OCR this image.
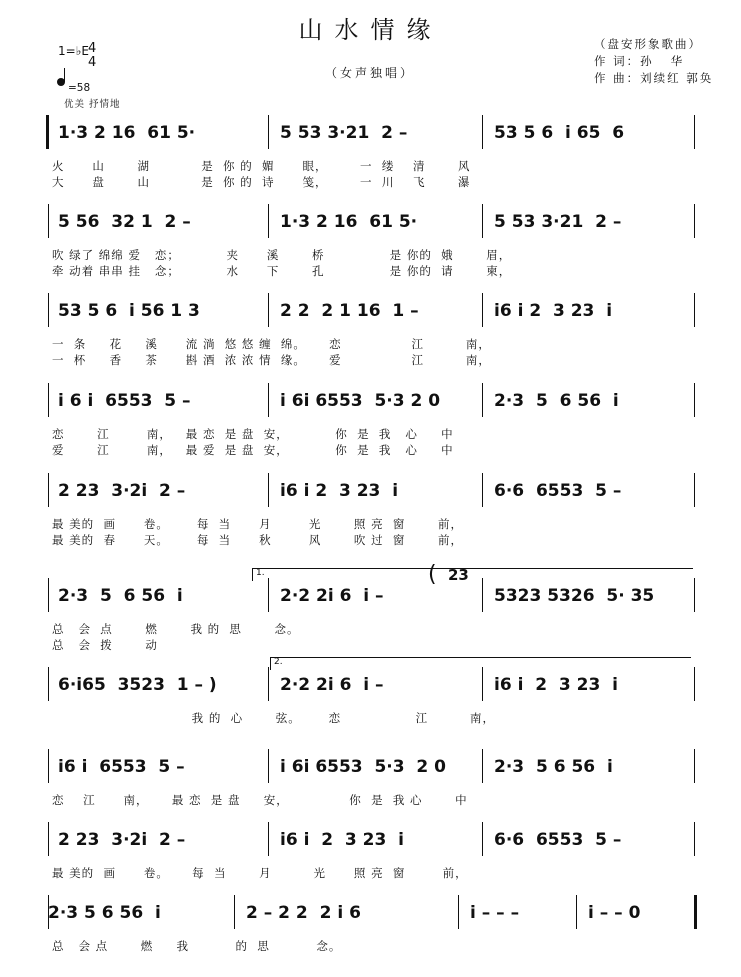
山水情缘
（女声独唱）
（盘安形象歌曲）
作 词：孙   华
作 曲：刘续红 郭奂
1=♭E 4
4
=58
优美 抒情地
1·3 2 16  61 5·	5 53 3·21  2 –	53 5 6  i 65  6
火      山       湖           是  你 的  媚      眼，       一  缕    清       风
大      盘       山           是  你 的  诗      笺，       一  川    飞       瀑
5 56  32 1  2 –	1·3 2 16  61 5·	5 53 3·21  2 –
吹 绿了 绵绵 爱   恋；          夹      溪       桥              是 你的  娥       眉，
牵 动着 串串 挂   念；          水      下       孔              是 你的  请       柬，
53 5 6  i 56 1 3	2 2  2 1 16  1 –	i6 i 2  3 23  i
一  条     花     溪      流 淌  悠 悠 缠  绵。     恋               江         南，
一  杯     香     茶      斟 酒  浓 浓 情  缘。     爱               江         南，
i 6 i  6553  5 –	i 6i 6553  5·3 2 0	2·3  5  6 56  i
恋       江        南，   最 恋  是 盘  安，          你  是  我   心     中
爱       江        南，   最 爱  是 盘  安，          你  是  我   心     中
2 23  3·2i  2 –	i6 i 2  3 23  i	6·6  6553  5 –
最 美的  画      卷。      每  当      月        光       照 亮  窗       前，
最 美的  春      天。      每  当      秋        风       吹 过  窗       前，
2·3  5  6 56  i	2·2 2i 6  i –	5323 5326  5· 35
总   会  点       燃       我 的  思       念。
总   会  拨       动
6·i65  3523  1 – )	2·2 2i 6  i –	i6 i  2  3 23  i
我 的  心       弦。      恋                江         南，
i6 i  6553  5 –	i 6i 6553  5·3  2 0	2·3  5 6 56  i
恋    江      南，     最 恋  是 盘     安，             你  是  我 心       中
2 23  3·2i  2 –	i6 i  2  3 23  i	6·6  6553  5 –
最 美的  画      卷。     每  当       月         光      照 亮  窗        前，
2·3 5 6 56  i	2 – 2 2  2 i 6	i – – –	i – – 0
总   会 点       燃     我          的  思          念。
1.
2.
( 23
